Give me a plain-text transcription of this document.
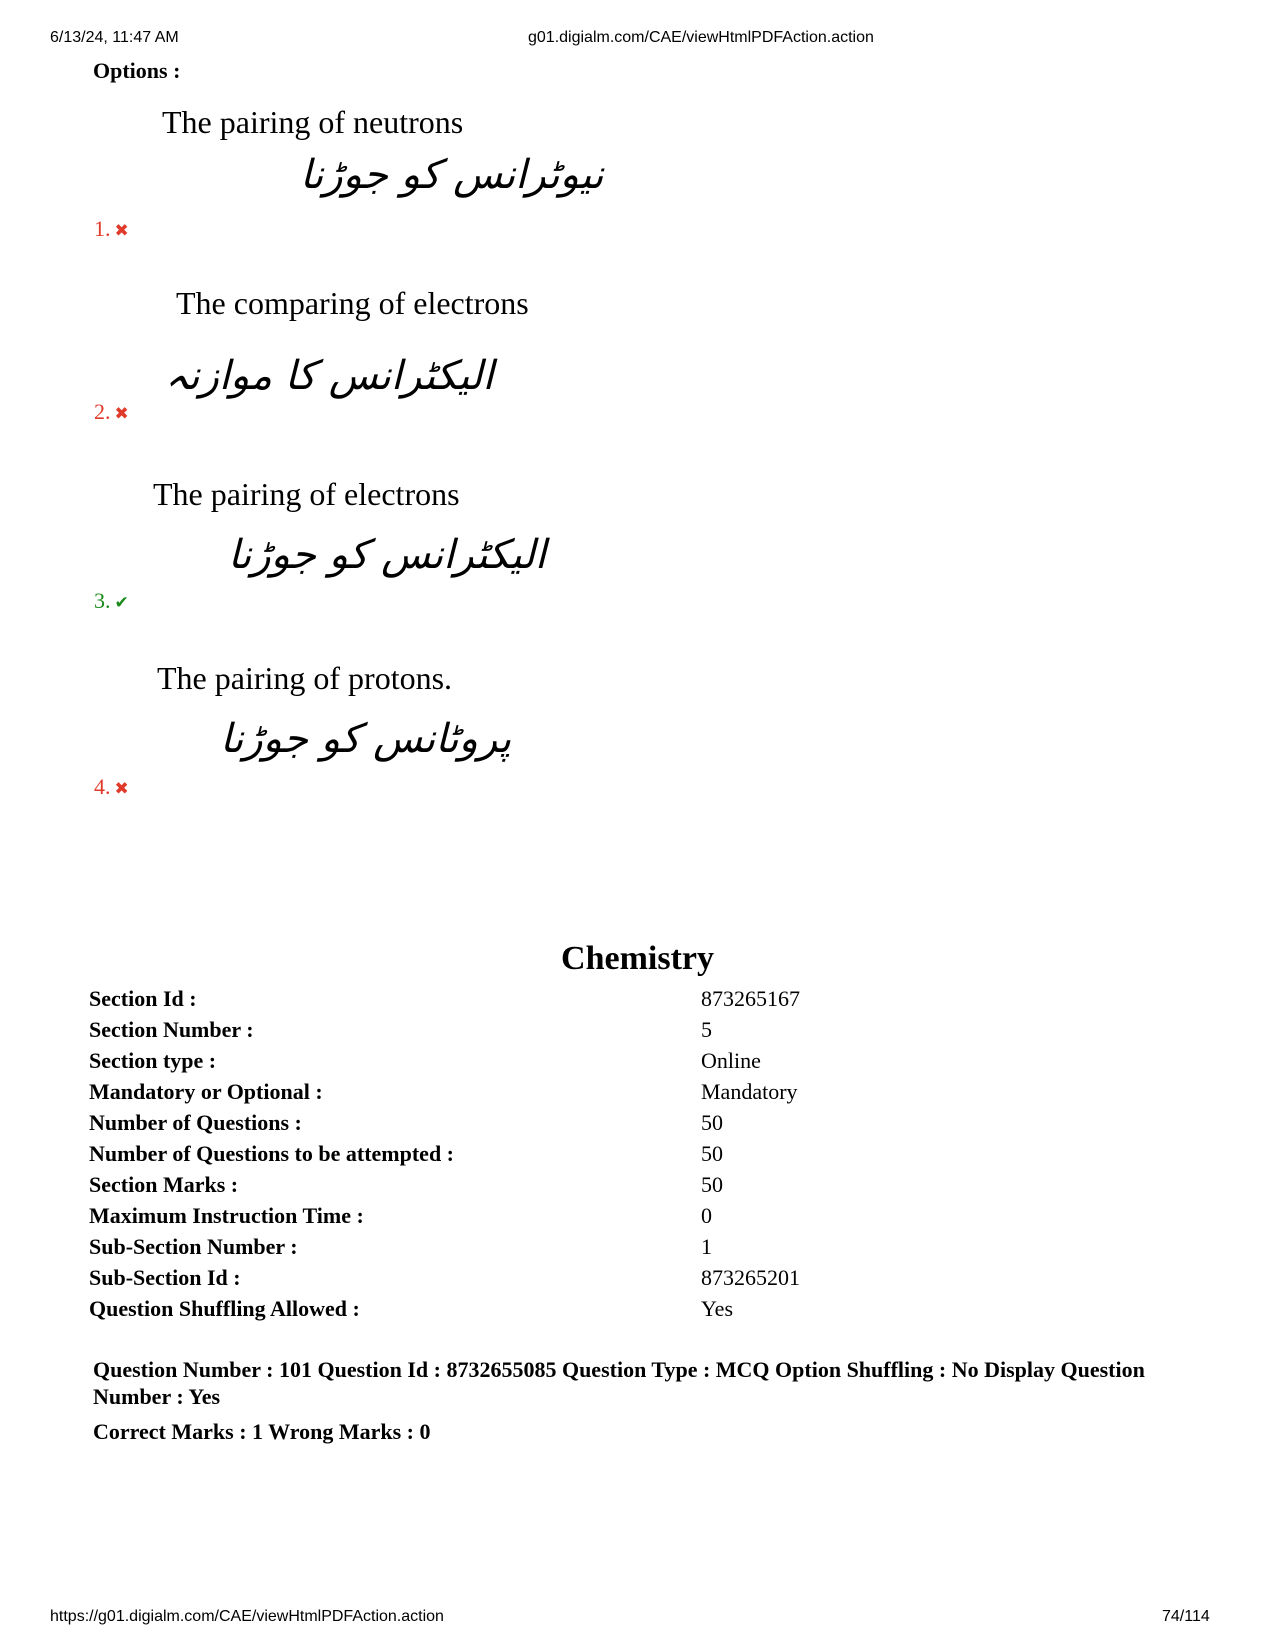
6/13/24, 11:47 AM	g01.digialm.com/CAE/viewHtmlPDFAction.action
Options :
The pairing of neutrons
نیوٹرانس کو جوڑنا
1. ✖
The comparing of electrons
الیکٹرانس کا موازنہ
2. ✖
The pairing of electrons
الیکٹرانس کو جوڑنا
3. ✔
The pairing of protons.
پروٹانس کو جوڑنا
4. ✖
Chemistry
Section Id :	873265167
Section Number :	5
Section type :	Online
Mandatory or Optional :	Mandatory
Number of Questions :	50
Number of Questions to be attempted :	50
Section Marks :	50
Maximum Instruction Time :	0
Sub-Section Number :	1
Sub-Section Id :	873265201
Question Shuffling Allowed :	Yes
Question Number : 101 Question Id : 8732655085 Question Type : MCQ Option Shuffling : No Display Question Number : Yes
Correct Marks : 1 Wrong Marks : 0
https://g01.digialm.com/CAE/viewHtmlPDFAction.action	74/114
